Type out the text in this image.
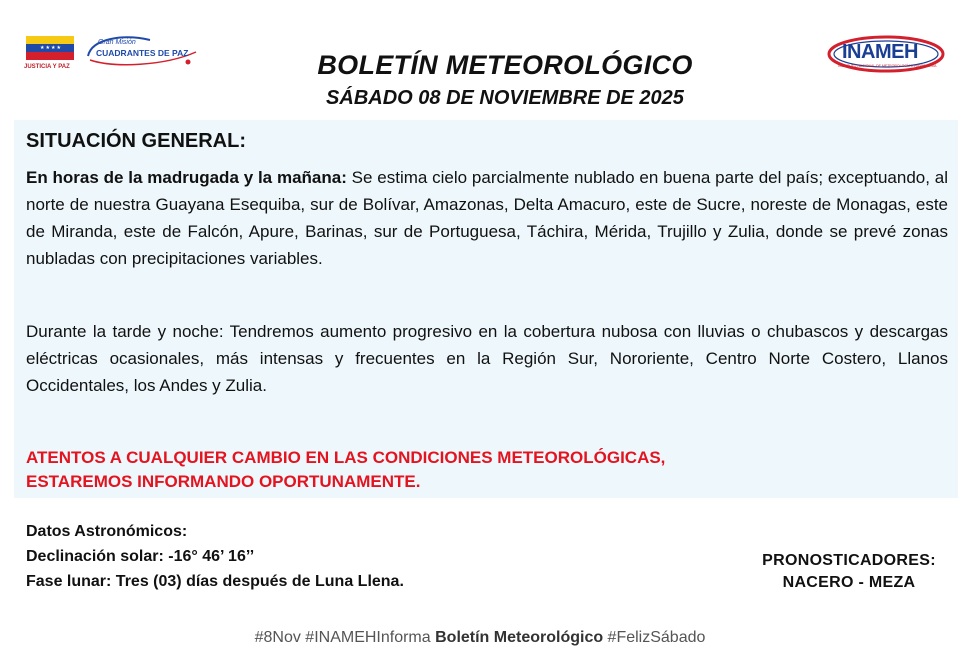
★★★★
JUSTICIA Y PAZ
Gran Misión
CUADRANTES DE PAZ	INAMEH
INSTITUTO NACIONAL DE METEOROLOGÍA E HIDROLOGÍA
BOLETÍN METEOROLÓGICO
SÁBADO 08 DE NOVIEMBRE DE 2025
SITUACIÓN GENERAL:
En horas de la madrugada y la mañana: Se estima cielo parcialmente nublado en buena parte del país; exceptuando, al norte de nuestra Guayana Esequiba, sur de Bolívar, Amazonas, Delta Amacuro, este de Sucre, noreste de Monagas, este de Miranda, este de Falcón, Apure, Barinas, sur de Portuguesa, Táchira, Mérida, Trujillo y Zulia, donde se prevé zonas nubladas con precipitaciones variables.
Durante la tarde y noche: Tendremos aumento progresivo en la cobertura nubosa con lluvias o chubascos y descargas eléctricas ocasionales, más intensas y frecuentes en la Región Sur, Nororiente, Centro Norte Costero, Llanos Occidentales, los Andes y Zulia.
ATENTOS A CUALQUIER CAMBIO EN LAS CONDICIONES METEOROLÓGICAS,
ESTAREMOS INFORMANDO OPORTUNAMENTE.
Datos Astronómicos:
Declinación solar: -16° 46’ 16’’
Fase lunar: Tres (03) días después de Luna Llena.
PRONOSTICADORES:
NACERO - MEZA
#8Nov #INAMEHInforma Boletín Meteorológico #FelizSábado
